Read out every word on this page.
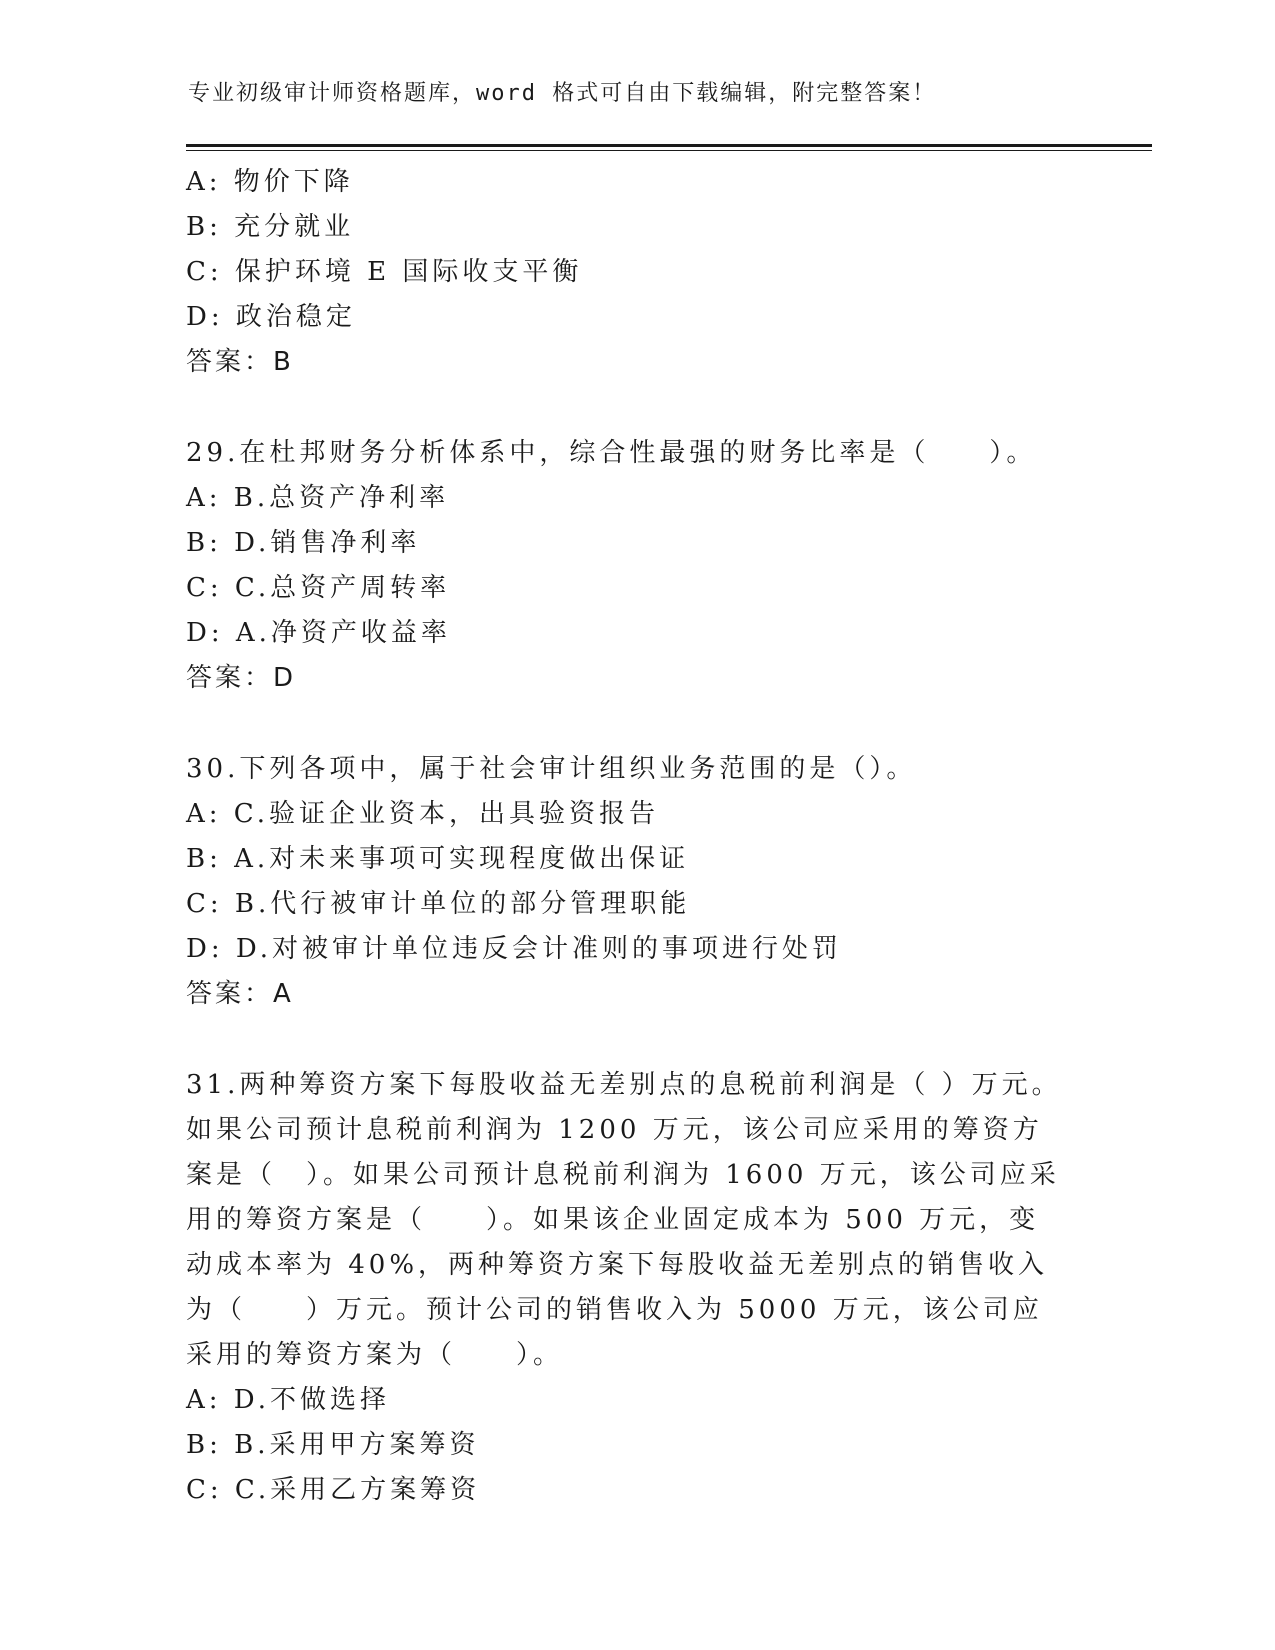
专业初级审计师资格题库，word 格式可自由下载编辑，附完整答案！
A: 物价下降
B: 充分就业
C: 保护环境 E 国际收支平衡
D: 政治稳定
答案：B
29.在杜邦财务分析体系中，综合性最强的财务比率是（　　）。
A: B.总资产净利率
B: D.销售净利率
C: C.总资产周转率
D: A.净资产收益率
答案：D
30.下列各项中，属于社会审计组织业务范围的是（）。
A: C.验证企业资本，出具验资报告
B: A.对未来事项可实现程度做出保证
C: B.代行被审计单位的部分管理职能
D: D.对被审计单位违反会计准则的事项进行处罚
答案：A
31.两种筹资方案下每股收益无差别点的息税前利润是（ ）万元。如果公司预计息税前利润为 1200 万元，该公司应采用的筹资方案是（　）。如果公司预计息税前利润为 1600 万元，该公司应采用的筹资方案是（　　）。如果该企业固定成本为 500 万元，变动成本率为 40%，两种筹资方案下每股收益无差别点的销售收入为（　　）万元。预计公司的销售收入为 5000 万元，该公司应采用的筹资方案为（　　）。
A: D.不做选择
B: B.采用甲方案筹资
C: C.采用乙方案筹资
